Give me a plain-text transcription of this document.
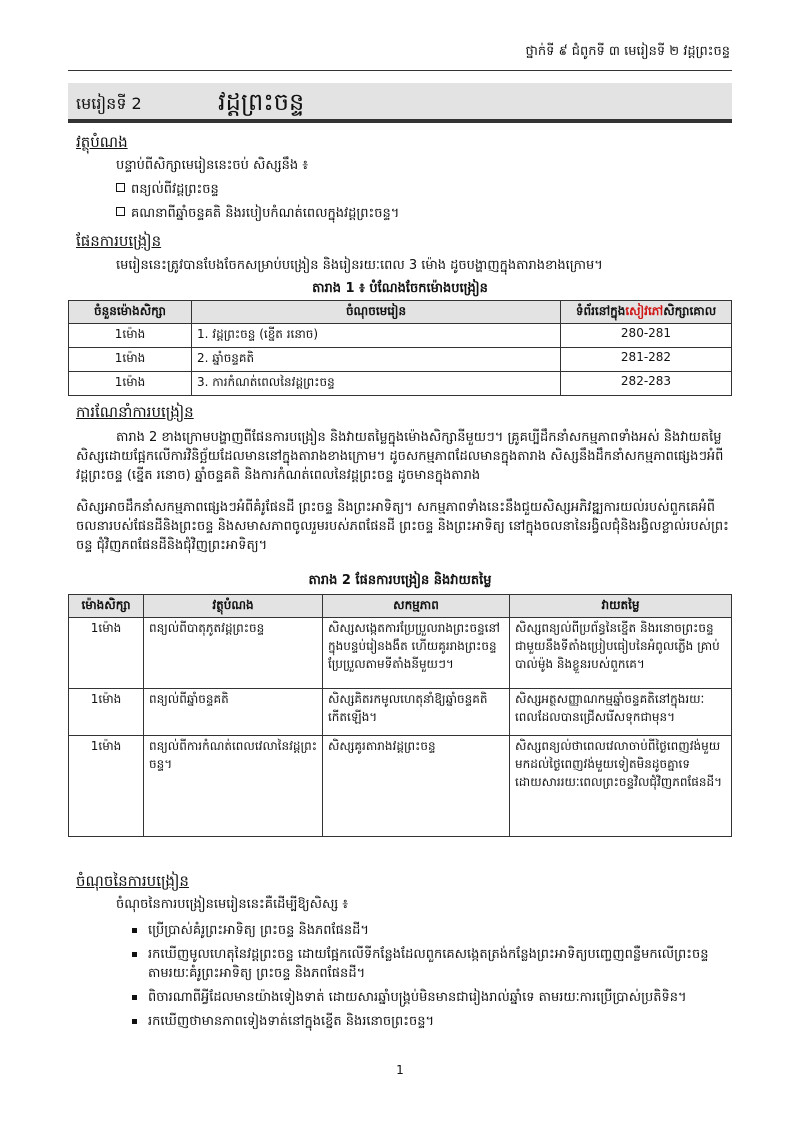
ថ្នាក់ទី ៩ ជំពូកទី ៣ មេរៀនទី ២ វដ្ដព្រះចន្ទ
មេរៀនទី 2	វដ្ដព្រះចន្ទ
វត្ថុបំណង
បន្ទាប់ពីសិក្សាមេរៀននេះចប់ សិស្សនឹង ៖
ពន្យល់ពីវដ្ដព្រះចន្ទ
គណនាពីឆ្នាំចន្ទគតិ និងរបៀបកំណត់ពេលក្នុងវដ្ដព្រះចន្ទ។
ផែនការបង្រៀន
មេរៀននេះត្រូវបានបែងចែកសម្រាប់បង្រៀន និងរៀនរយៈពេល 3 ម៉ោង ដូចបង្ហាញក្នុងតារាងខាងក្រោម។
តារាង 1 ៖ បំណែងចែកម៉ោងបង្រៀន
ចំនួនម៉ោងសិក្សា	ចំណុចមេរៀន	ទំព័រនៅក្នុងសៀវភៅសិក្សាគោល
1ម៉ោង	1. វដ្ដព្រះចន្ទ (ខ្នើត រនោច)	280-281
1ម៉ោង	2. ឆ្នាំចន្ទគតិ	281-282
1ម៉ោង	3. ការកំណត់ពេលនៃវដ្ដព្រះចន្ទ	282-283
ការណែនាំការបង្រៀន
តារាង 2 ខាងក្រោមបង្ហាញពីផែនការបង្រៀន និងវាយតម្លៃក្នុងម៉ោងសិក្សានីមួយៗ។ គ្រូគប្បីដឹកនាំសកម្មភាពទាំងអស់ និងវាយតម្លៃសិស្សដោយផ្អែកលើការវិនិច្ឆ័យដែលមាននៅក្នុងតារាងខាងក្រោម។ ដូចសកម្មភាពដែលមានក្នុងតារាង សិស្សនឹងដឹកនាំសកម្មភាពផ្សេងៗអំពី វដ្ដព្រះចន្ទ (ខ្នើត រនោច) ឆ្នាំចន្ទគតិ និងការកំណត់ពេលនៃវដ្ដព្រះចន្ទ ដូចមានក្នុងតារាង
សិស្សអាចដឹកនាំសកម្មភាពផ្សេងៗអំពីគំរូផែនដី ព្រះចន្ទ និងព្រះអាទិត្យ។ សកម្មភាពទាំងនេះនឹងជួយសិស្សអភិវឌ្ឍការយល់របស់ពួកគេអំពីចលនារបស់ផែនដីនិងព្រះចន្ទ និងសមាសភាពចូលរួមរបស់ភពផែនដី ព្រះចន្ទ និងព្រះអាទិត្យ នៅក្នុងចលនានៃរង្វិលជុំនិងរង្វិលខ្លាល់របស់ព្រះចន្ទ ជុំវិញភពផែនដីនិងជុំវិញព្រះអាទិត្យ។
តារាង 2 ផែនការបង្រៀន និងវាយតម្លៃ
ម៉ោងសិក្សា	វត្ថុបំណង	សកម្មភាព	វាយតម្លៃ
1ម៉ោង	ពន្យល់ពីបាតុភូតវដ្ដព្រះចន្ទ	សិស្សសង្កេតការប្រែប្រួលរាងព្រះចន្ទនៅក្នុងបន្ទប់រៀនងងឹត ហើយគូររាងព្រះចន្ទប្រែប្រួលតាមទីតាំងនីមួយៗ។	សិស្សពន្យល់ពីប្រព័ន្ធនៃខ្នើត និងរនោចព្រះចន្ទ ជាមួយនឹងទីតាំងប្រៀបធៀបនៃអំពូលភ្លើង គ្រាប់បាល់ម៉ូង និងខ្លួនរបស់ពួកគេ។
1ម៉ោង	ពន្យល់ពីឆ្នាំចន្ទគតិ	សិស្សគិតរកមូលហេតុនាំឱ្យឆ្នាំចន្ទគតិកើតឡើង។	សិស្សអត្ថសញ្ញាណកម្មឆ្នាំចន្ទគតិនៅក្នុងរយៈពេលដែលបានជ្រើសរើសទុកជាមុន។
1ម៉ោង	ពន្យល់ពីការកំណត់ពេលវេលានៃវដ្ដព្រះចន្ទ។	សិស្សគូរតារាងវដ្ដព្រះចន្ទ	សិស្សពន្យល់ថាពេលវេលាចាប់ពីថ្ងៃពេញវង់មួយមកដល់ថ្ងៃពេញវង់មួយទៀតមិនដូចគ្នាទេ ដោយសាររយៈពេលព្រះចន្ទវិលជុំវិញភពផែនដី។
ចំណុចនៃការបង្រៀន
ចំណុចនៃការបង្រៀនមេរៀននេះគឺដើម្បីឱ្យសិស្ស ៖
ប្រើប្រាស់គំរូព្រះអាទិត្យ ព្រះចន្ទ និងភពផែនដី។
រកឃើញមូលហេតុនៃវដ្ដព្រះចន្ទ ដោយផ្អែកលើទីកន្លែងដែលពួកគេសង្កេតត្រង់កន្លែងព្រះអាទិត្យបញ្ចេញពន្លឺមកលើព្រះចន្ទ តាមរយៈគំរូព្រះអាទិត្យ ព្រះចន្ទ និងភពផែនដី។
ពិចារណាពីអ្វីដែលមានយ៉ាងទៀងទាត់ ដោយសារឆ្នាំបង្គ្រប់មិនមានជារៀងរាល់ឆ្នាំទេ តាមរយៈការប្រើប្រាស់ប្រតិទិន។
រកឃើញថាមានភាពទៀងទាត់នៅក្នុងខ្នើត និងរនោចព្រះចន្ទ។
1
